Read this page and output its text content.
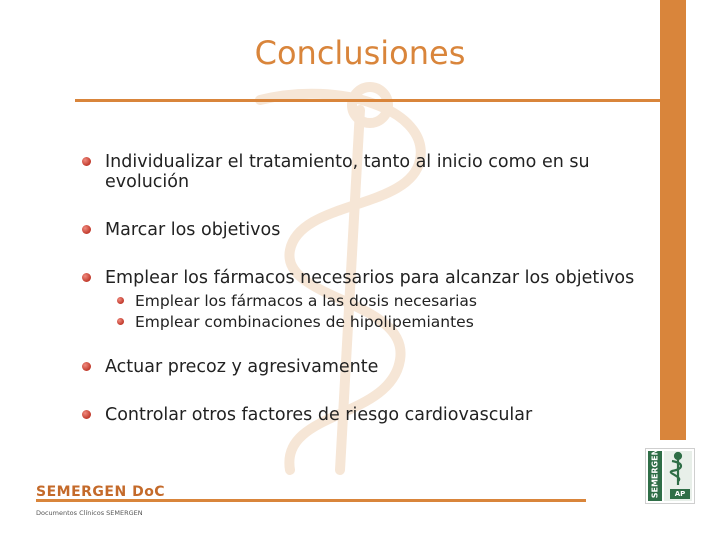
Conclusiones
Individualizar el tratamiento, tanto al inicio como en su evolución
Marcar los objetivos
Emplear los fármacos necesarios para alcanzar los objetivos
Emplear los fármacos a las dosis necesarias
Emplear combinaciones de hipolipemiantes
Actuar precoz y agresivamente
Controlar otros factores de riesgo cardiovascular
SEMERGEN DoC
Documentos Clínicos SEMERGEN
SEMERGEN	AP
